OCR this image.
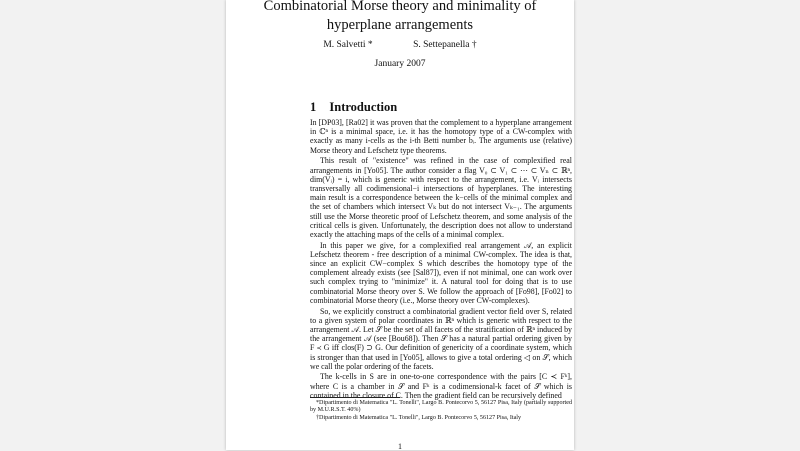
Combinatorial Morse theory and minimality of
hyperplane arrangements
M. Salvetti *	S. Settepanella †
January 2007
1 Introduction

In [DP03], [Ra02] it was proven that the complement to a hyperplane arrangement in ℂⁿ is a minimal space, i.e. it has the homotopy type of a CW-complex with exactly as many i-cells as the i-th Betti number bᵢ. The arguments use (relative) Morse theory and Lefschetz type theorems.

This result of "existence" was refined in the case of complexified real arrangements in [Yo05]. The author consider a flag V₀ ⊂ V₁ ⊂ ⋯ ⊂ Vₙ ⊂ ℝⁿ, dim(Vᵢ) = i, which is generic with respect to the arrangement, i.e. Vᵢ intersects transversally all codimensional−i intersections of hyperplanes. The interesting main result is a correspondence between the k−cells of the minimal complex and the set of chambers which intersect Vₖ but do not intersect Vₖ₋₁. The arguments still use the Morse theoretic proof of Lefschetz theorem, and some analysis of the critical cells is given. Unfortunately, the description does not allow to understand exactly the attaching maps of the cells of a minimal complex.

In this paper we give, for a complexified real arrangement 𝒜, an explicit Lefschetz theorem - free description of a minimal CW-complex. The idea is that, since an explicit CW−complex S which describes the homotopy type of the complement already exists (see [Sal87]), even if not minimal, one can work over such complex trying to "minimize" it. A natural tool for doing that is to use combinatorial Morse theory over S. We follow the approach of [Fo98], [Fo02] to combinatorial Morse theory (i.e., Morse theory over CW-complexes).

So, we explicitly construct a combinatorial gradient vector field over S, related to a given system of polar coordinates in ℝⁿ which is generic with respect to the arrangement 𝒜. Let 𝒮 be the set of all facets of the stratification of ℝⁿ induced by the arrangement 𝒜 (see [Bou68]). Then 𝒮 has a natural partial ordering given by F ≺ G iff clos(F) ⊃ G. Our definition of genericity of a coordinate system, which is stronger than that used in [Yo05], allows to give a total ordering ◁ on 𝒮, which we call the polar ordering of the facets.

The k-cells in S are in one-to-one correspondence with the pairs [C ≺ Fᵏ], where C is a chamber in 𝒮 and Fᵏ is a codimensional-k facet of 𝒮 which is contained in the closure of C. Then the gradient field can be recursively defined

*Dipartimento di Matematica "L. Tonelli", Largo B. Pontecorvo 5, 56127 Pisa, Italy (partially supported by M.U.R.S.T. 40%)

†Dipartimento di Matematica "L. Tonelli", Largo B. Pontecorvo 5, 56127 Pisa, Italy

1
